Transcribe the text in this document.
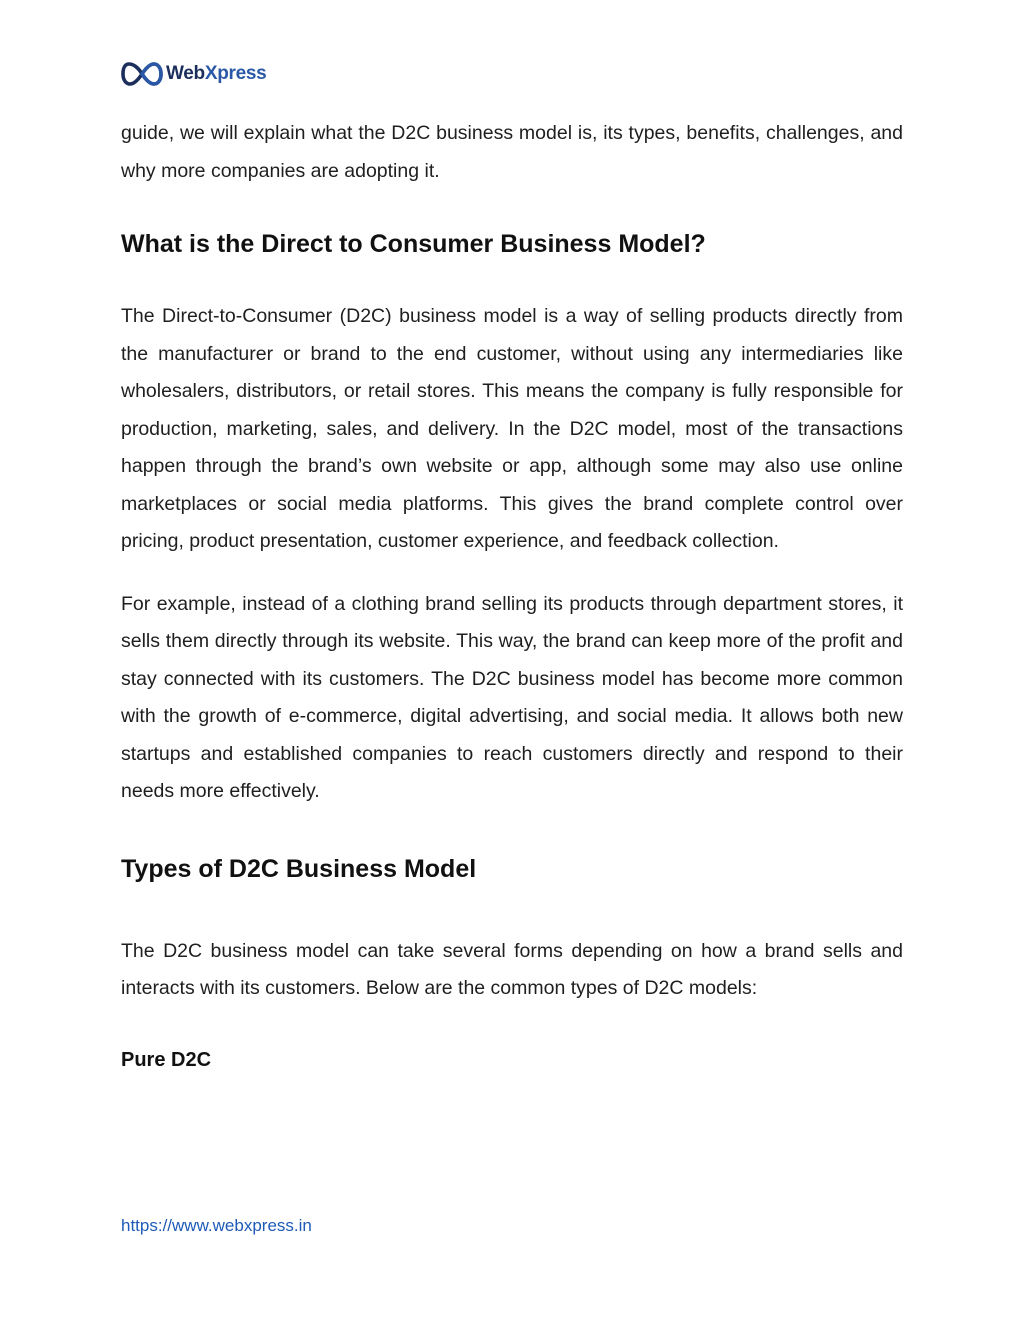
WebXpress

guide, we will explain what the D2C business model is, its types, benefits, challenges, and why more companies are adopting it.

What is the Direct to Consumer Business Model?

The Direct-to-Consumer (D2C) business model is a way of selling products directly from the manufacturer or brand to the end customer, without using any intermediaries like wholesalers, distributors, or retail stores. This means the company is fully responsible for production, marketing, sales, and delivery. In the D2C model, most of the transactions happen through the brand’s own website or app, although some may also use online marketplaces or social media platforms. This gives the brand complete control over pricing, product presentation, customer experience, and feedback collection.

For example, instead of a clothing brand selling its products through department stores, it sells them directly through its website. This way, the brand can keep more of the profit and stay connected with its customers. The D2C business model has become more common with the growth of e-commerce, digital advertising, and social media. It allows both new startups and established companies to reach customers directly and respond to their needs more effectively.

Types of D2C Business Model

The D2C business model can take several forms depending on how a brand sells and interacts with its customers. Below are the common types of D2C models:

Pure D2C
https://www.webxpress.in
